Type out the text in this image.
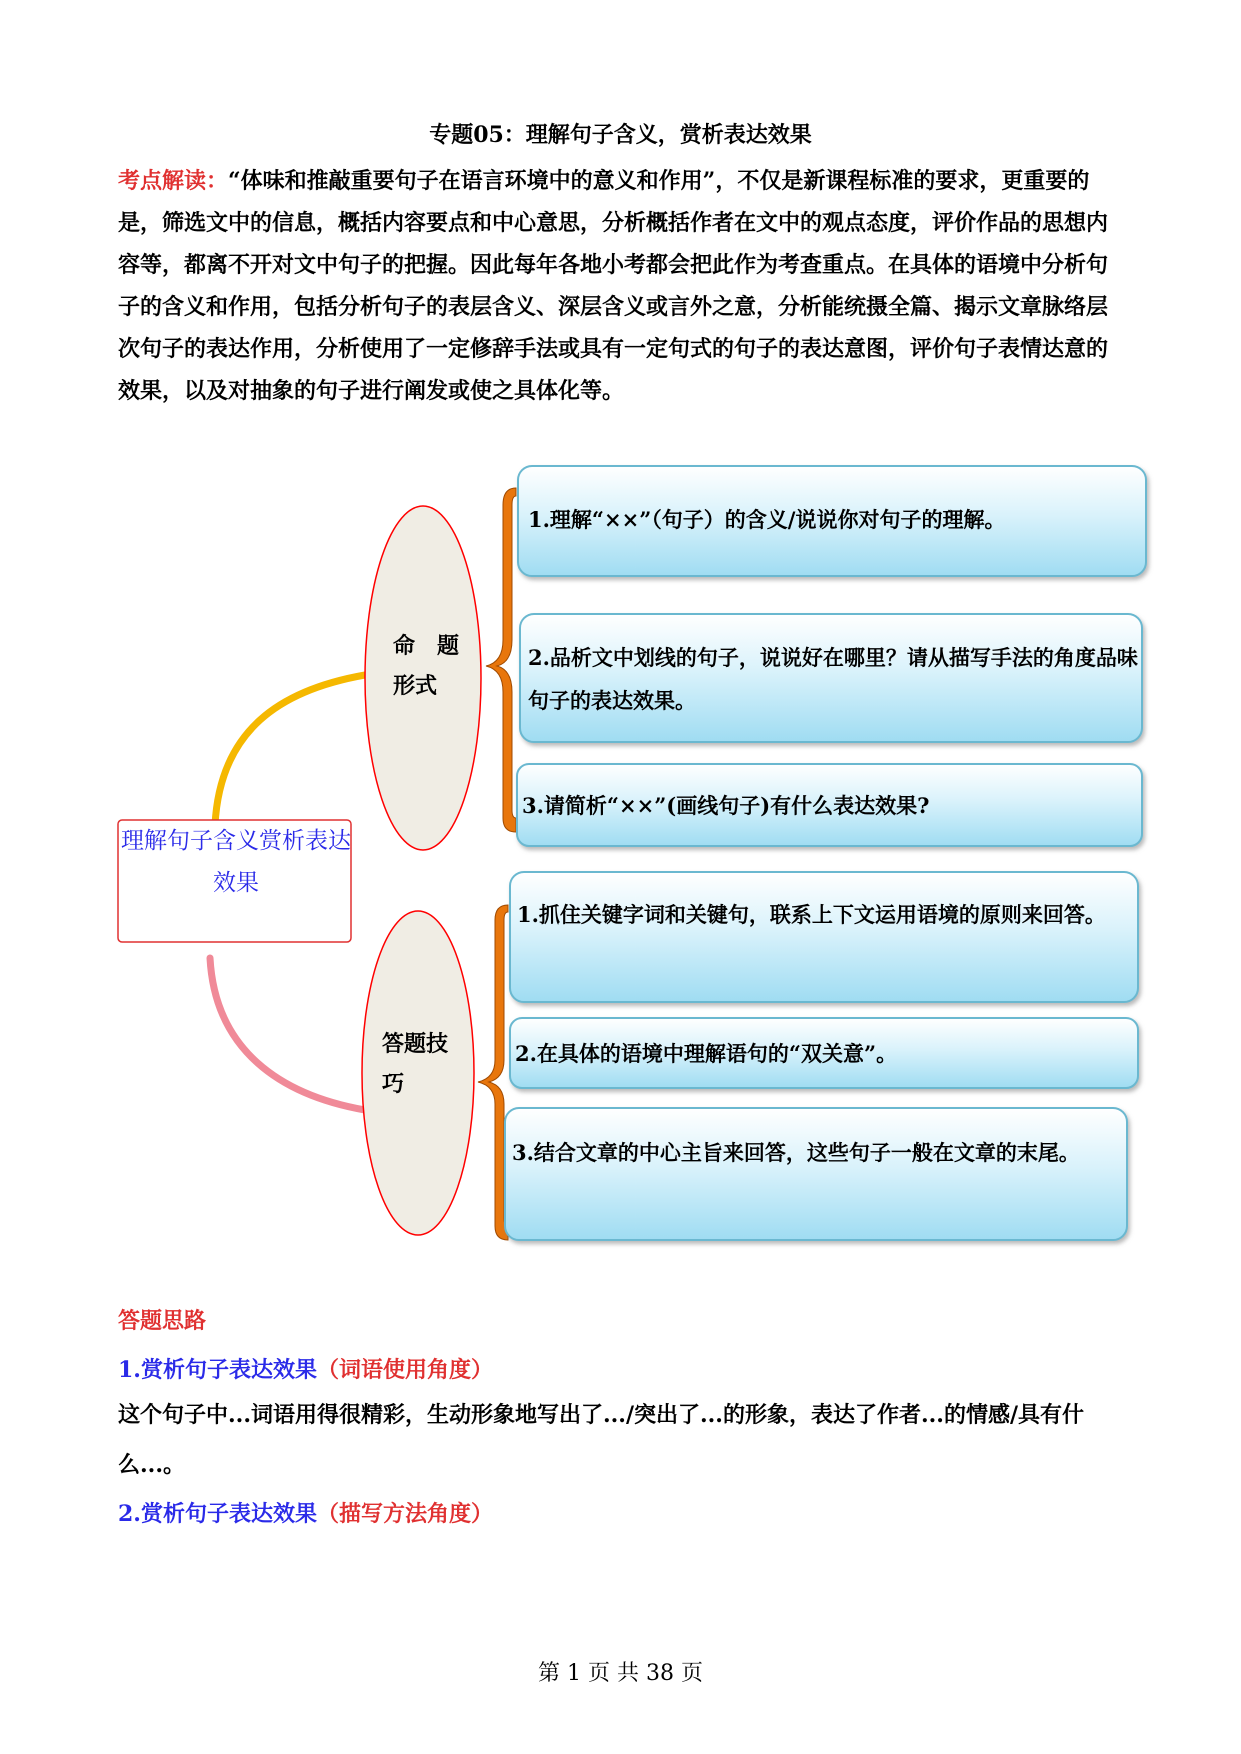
专题05：理解句子含义，赏析表达效果
考点解读：“体味和推敲重要句子在语言环境中的意义和作用”，不仅是新课程标准的要求，更重要的是，筛选文中的信息，概括内容要点和中心意思，分析概括作者在文中的观点态度，评价作品的思想内容等，都离不开对文中句子的把握。因此每年各地小考都会把此作为考查重点。在具体的语境中分析句子的含义和作用，包括分析句子的表层含义、深层含义或言外之意，分析能统摄全篇、揭示文章脉络层次句子的表达作用，分析使用了一定修辞手法或具有一定句式的句子的表达意图，评价句子表情达意的效果，以及对抽象的句子进行阐发或使之具体化等。
理解句子含义赏析表达效果
命　题形式
答题技巧
1.理解“××”（句子）的含义/说说你对句子的理解。
2.品析文中划线的句子，说说好在哪里？请从描写手法的角度品味句子的表达效果。
3.请简析“××”(画线句子)有什么表达效果?
1.抓住关键字词和关键句，联系上下文运用语境的原则来回答。
2.在具体的语境中理解语句的“双关意”。
3.结合文章的中心主旨来回答，这些句子一般在文章的末尾。
答题思路
1.赏析句子表达效果（词语使用角度）
这个句子中...词语用得很精彩，生动形象地写出了.../突出了...的形象，表达了作者...的情感/具有什么...。
2.赏析句子表达效果（描写方法角度）
第 1 页 共 38 页
